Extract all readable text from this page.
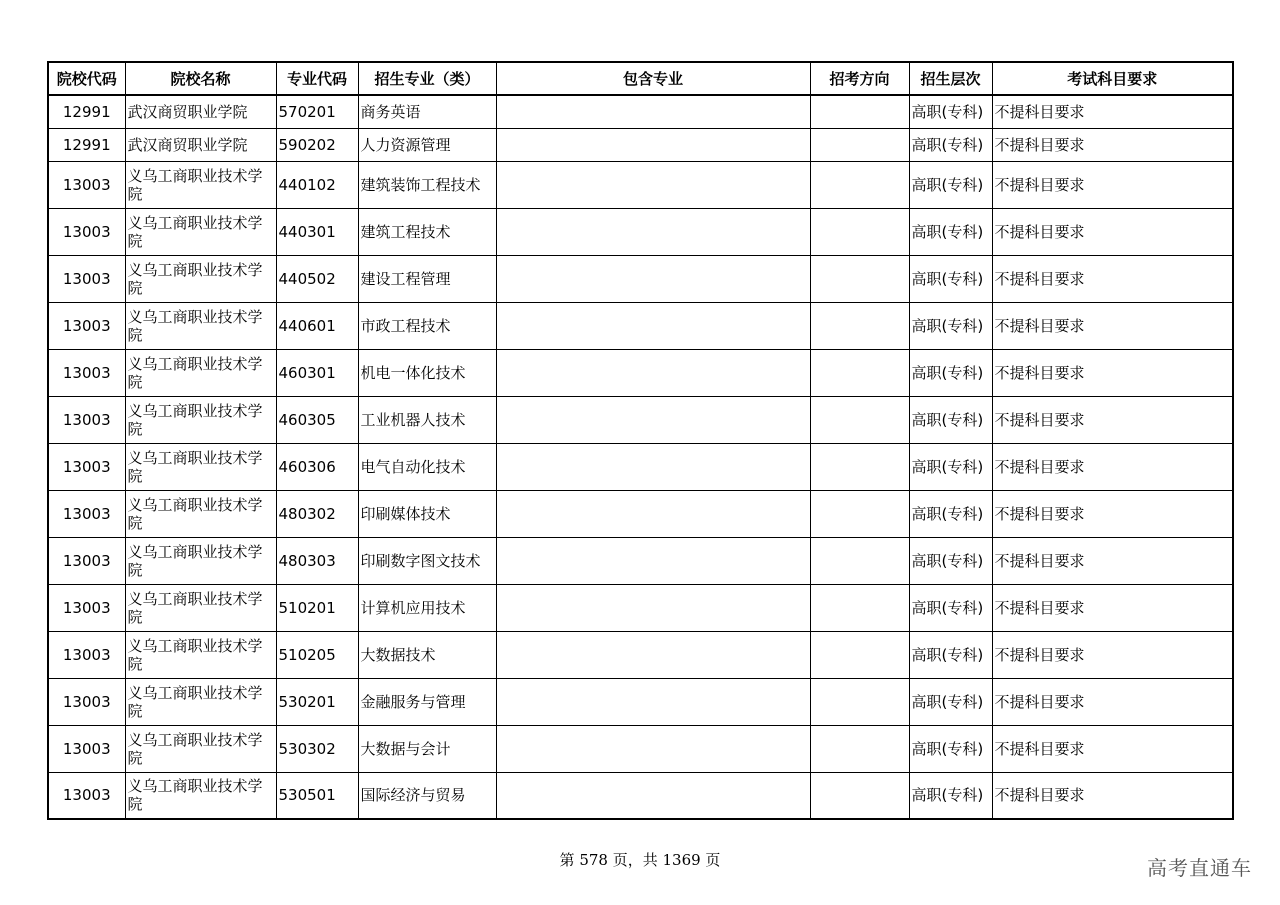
院校代码	院校名称	专业代码	招生专业（类）	包含专业	招考方向	招生层次	考试科目要求
12991	武汉商贸职业学院	570201	商务英语			高职(专科)	不提科目要求
12991	武汉商贸职业学院	590202	人力资源管理			高职(专科)	不提科目要求
13003	义乌工商职业技术学院	440102	建筑装饰工程技术			高职(专科)	不提科目要求
13003	义乌工商职业技术学院	440301	建筑工程技术			高职(专科)	不提科目要求
13003	义乌工商职业技术学院	440502	建设工程管理			高职(专科)	不提科目要求
13003	义乌工商职业技术学院	440601	市政工程技术			高职(专科)	不提科目要求
13003	义乌工商职业技术学院	460301	机电一体化技术			高职(专科)	不提科目要求
13003	义乌工商职业技术学院	460305	工业机器人技术			高职(专科)	不提科目要求
13003	义乌工商职业技术学院	460306	电气自动化技术			高职(专科)	不提科目要求
13003	义乌工商职业技术学院	480302	印刷媒体技术			高职(专科)	不提科目要求
13003	义乌工商职业技术学院	480303	印刷数字图文技术			高职(专科)	不提科目要求
13003	义乌工商职业技术学院	510201	计算机应用技术			高职(专科)	不提科目要求
13003	义乌工商职业技术学院	510205	大数据技术			高职(专科)	不提科目要求
13003	义乌工商职业技术学院	530201	金融服务与管理			高职(专科)	不提科目要求
13003	义乌工商职业技术学院	530302	大数据与会计			高职(专科)	不提科目要求
13003	义乌工商职业技术学院	530501	国际经济与贸易			高职(专科)	不提科目要求
第 578 页，共 1369 页	高考直通车
